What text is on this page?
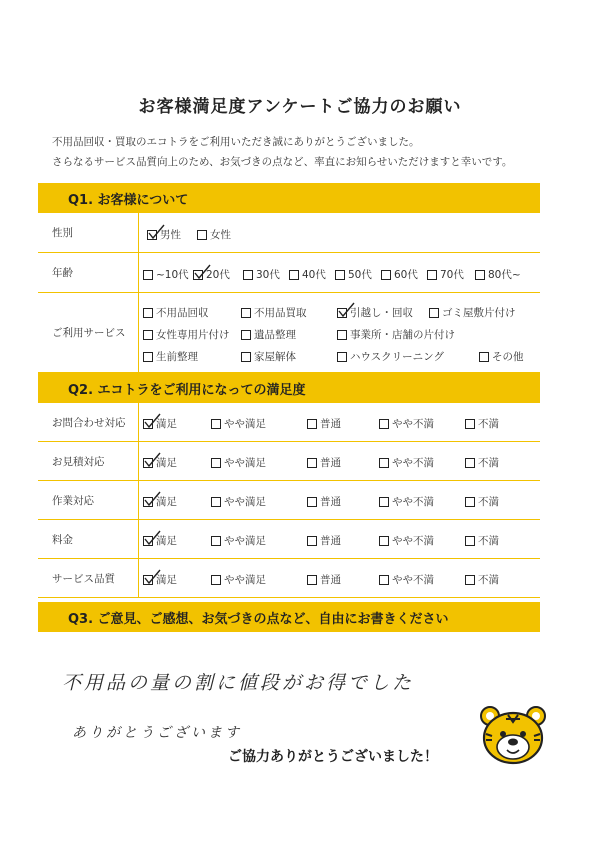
お客様満足度アンケートご協力のお願い
不用品回収・買取のエコトラをご利用いただき誠にありがとうございました。
さらなるサービス品質向上のため、お気づきの点など、率直にお知らせいただけますと幸いです。
Q1. お客様について
性別	男性	女性
年齢	~10代 20代 30代 40代 50代 60代 70代 80代~
ご利用サービス
不用品回収	不用品買取	引越し・回収	ゴミ屋敷片付け
女性専用片付け 遺品整理	事業所・店舗の片付け
生前整理	家屋解体	ハウスクリーニング	その他
Q2. エコトラをご利用になっての満足度
お問合わせ対応	満足	やや満足	普通	やや不満	不満
お見積対応	満足	やや満足	普通	やや不満	不満
作業対応	満足	やや満足	普通	やや不満	不満
料金	満足	やや満足	普通	やや不満	不満
サービス品質	満足	やや満足	普通	やや不満	不満
Q3. ご意見、ご感想、お気づきの点など、自由にお書きください
不用品の量の割に値段がお得でした
ありがとうございます
ご協力ありがとうございました！
